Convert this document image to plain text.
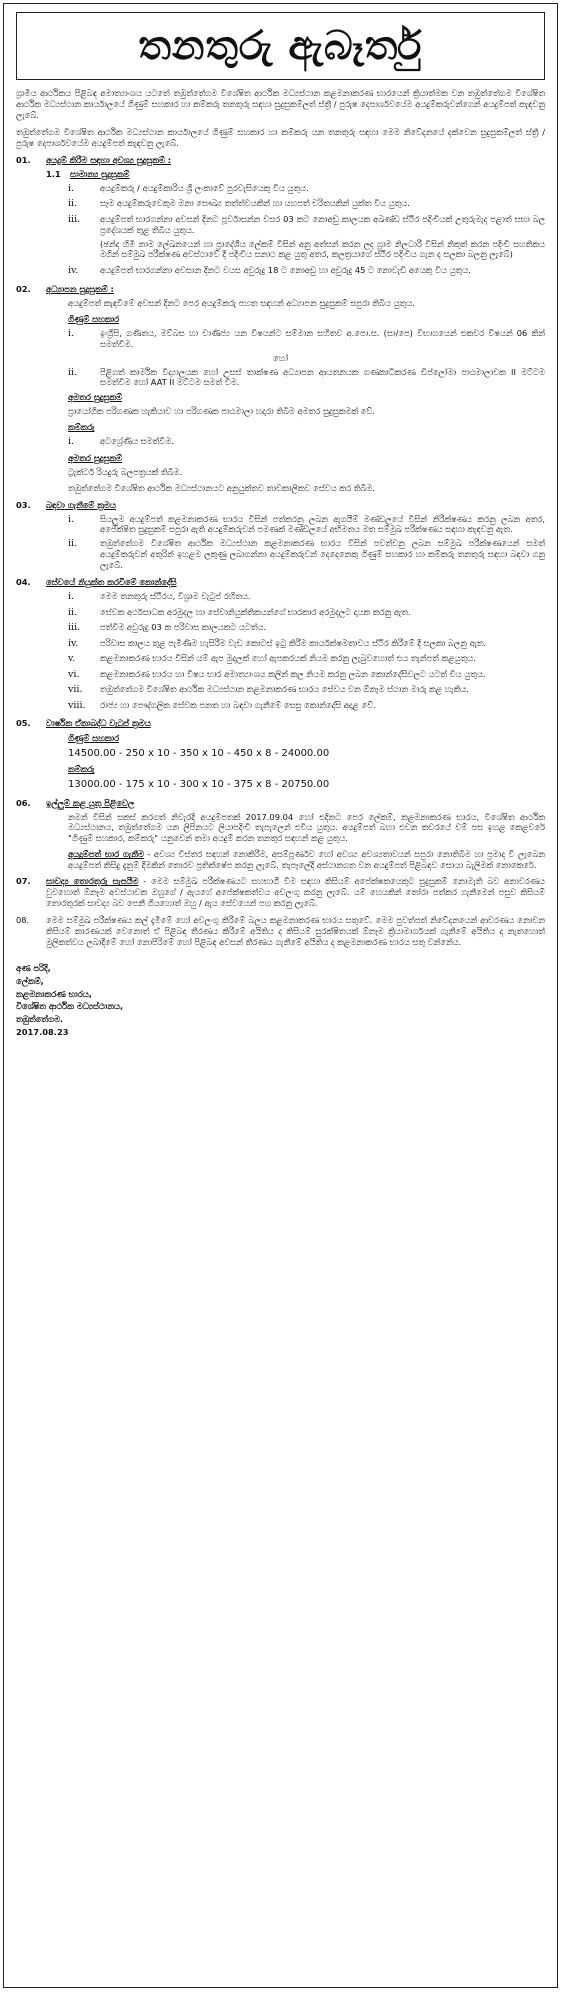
තනතුරු ඇබෑර්තු

ග්‍රාමීය ආර්ථිකය පිළිබඳ අමාත්‍යාංශය යටතේ තඹුත්තේගම විශේෂිත ආර්ථික මධ්‍යස්ථාන කළමනාකරණ භාරයෙන් ක්‍රියාත්මක වන තඹුත්තේගම විශේෂිත ආර්ථික මධ්‍යස්ථාන කාර්යාලයේ ගිණුම් සහකාර හා කම්කරු තනතුරු සඳහා සුදුසුකම්ලත් ස්ත්‍රී / පුරුෂ දෙපාර්ශවයේම අයදුම්කරුවන්ගෙන් අයදුම්පත් කැඳවනු ලැබේ.

තඹුත්තේගම විශේෂිත ආර්ථික මධ්‍යස්ථාන කාර්යාලයේ ගිණුම් සහකාර හා කම්කරු යන තනතුරු සඳහා මෙම නිවේදනයේ දක්වෙන සුදුසුකම්ලත් ස්ත්‍රී / පුරුෂ දෙපාර්ශවයේම අයදුම්පත් කැඳවනු ලැබේ.

01.	අයදුම් කිරීම සඳහා අවශ්‍ය සුදුසුකම් :
1.1	සාමාන්‍ය සුදුසුකම්
i.	අයදුම්කරු / අයදුම්කාරිය ශ්‍රී ලංකාවේ පුරවැසියෙකු විය යුතුය.
ii.	සෑම අයදුම්කරුවෙකුම මනා සෞඛ්‍ය තත්ත්වයකින් හා යහපත් චරිතයකින් යුක්ත විය යුතුය.
iii.	අයදුම්පත් භාරගන්නා අවසන් දිනට පූර්වාසන්න වසර 03 කට නොඅඩු කාලයක අඛණ්ඩ ස්ථිර පදිංචියක් උතුරුමැද පළාත් සභා බල ප්‍රදේශයක් තුළ තිබිය යුතුය.
(ඡන්ද හිමි නාම ලේඛනයෙන් හා ප්‍රාදේශීය ලේකම් විසින් අනු අත්සන් කරන ලද ග්‍රාම නිලධාරී විසින් නිකුත් කරන පදිංචි සහතිකය මගින් සම්මුඛ පරීක්ෂණ අවස්ථාවේ දී පදිංචිය සනාථ කළ යුතු අතර, කලත්‍රයාගේ ස්ථිර පදිංචිය ගැන ද සලකා බලනු ලැබේ)
iv.	අයදුම්පත් භාරගන්නා අවසාන දිනට වයස අවුරුදු 18 ට නොඅඩු හා අවුරුදු 45 ට නොවැඩි අයෙකු විය යුතුය.
02.	අධ්‍යාපන සුදුසුකම් :
අයදුම්පත් කැඳවීමේ අවසන් දිනට පෙර අයදුම්කරු පහත සඳහන් අධ්‍යාපන සුදුසුකම් සපුරා තිබිය යුතුය.
ගිණුම් සහකාර
i.	ඉංග්‍රීසි, ගණිතය, මව්බස හා වාණිජ්‍ය යන විෂයන්ට සම්මාන සහිතව අ.පො.ස. (සා/පෙ) විභාගයෙන් එකවර විෂයන් 06 කින් සමත්වීම.
හෝ
ii.	පිළිගත් කාර්මික විද්‍යාලයක හෝ උසස් තාක්ෂණ අධ්‍යාපන ආයතනයක ගණකාධිකරණ ඩිප්ලෝමා පාඨමාලාවක II මට්ටම සමත්වීම හෝ AAT II මට්ටම සමත් වීම.
අමතර සුදුසුකම්
ප්‍රායෝගික පරිගණක හැකියාව හා පරිගණක පාඨමාලා හදාරා තිබීම අමතර සුදුසුකමක් වේ.
කම්කරු
i.	අටශ්‍රේණිය සමත්වීම.
අමතර සුදුසුකම්
ට්‍රැක්ටර් රියදුරු බලපත්‍රයක් තිබීම.
තඹුත්තේගම විශේෂිත ආර්ථික මධ්‍යස්ථානයට අනුයුක්තව තාවකාලිකව සේවය කර තිබීම.
03.	බඳවා ගැනීමේ ක්‍රමය
i.	සියලුම අයදුම්පත් කළමනාකරණ භාරය විසින් පත්කරනු ලබන ඇගයීම් මණ්ඩලයේ විසින් නිරීක්ෂණය කරනු ලබන අතර, අපේක්ෂිත සුදුසුකම් සපුරා ඇති අයදුම්කරුවන් පමණක් මණ්ඩලයේ අභිමතය මත සම්මුඛ පරීක්ෂණය සඳහා කැඳවනු ඇත.
ii.	තඹුත්තේගම විශේෂිත ආර්ථික මධ්‍යස්ථාන කළමනාකරණ භාරය විසින් පවත්වනු ලබන සම්මුඛ පරීක්ෂණයෙන් සමත් අයදුම්කරුවන් අතුරින් ඉහළම ලකුණු ලබාගන්නා අයදුම්කරුවන් දෙදෙනෙකු ගිණුම් සහකාර හා කම්කරු තනතුරු සඳහා බඳවා ගනු ලැබේ.
04.	සේවයේ නියුක්ත කරවීමේ කොන්දේසි
i.	මෙම තනතුරු ස්ථිරය, විශ්‍රාම වැටුප් රහිතය.
ii.	සේවක අර්ථසාධක අරමුදල හා සේවානියුක්තිකයන්ගේ භාරකාර අරමුදලට දායක කරනු ඇත.
iii.	පත්වීම අවුරුදු 03 ක පරිවාස කාලයකට යටත්ය.
iv.	පරිවාස කාලය තුළ පැමිණීම හැසිරීම වැඩ කොටස් ඉටු කිරීම කාර්යක්ෂමතාවය ස්ථිර කිරීමේ දී සලකා බලනු ඇත.
v.	කළමනාකරණ භාරය විසින් යම් ඇප මුදලක් හෝ ඇපකරයක් නියම කරනු ලැබුවහොත් එය තැන්පත් කළයුතුය.
vi.	කළමනාකරණ භාරය හා විෂය භාර අමාත්‍යාංශය කලින් කල නියම කරනු ලබන කොන්දේසිවලට යටත් විය යුතුය.
vii.	තඹුත්තේගම විශේෂිත ආර්ථික මධ්‍යස්ථාන කළමනාකරණ භාරය සේවය වන ඕනෑම ස්ථාන මාරු කළ හැකිය.
viii.	රාජ්‍ය හා පෞද්ගලික සේවක පනත හා බඳවා ගැනීමේ සෙසු කොන්දේසි අදාළ වේ.
05.	වාර්ෂික ඒකාබද්ධ වැටුප් ක්‍රමය
ගිණුම් සහකාර
14500.00 - 250 x 10 - 350 x 10 - 450 x 8 - 24000.00
කම්කරු
13000.00 - 175 x 10 - 300 x 10 - 375 x 8 - 20750.00
06.	ඉල්ලුම් කළ යුතු පිළිවෙල
නමන් විසින් සකස් කරගත් නිවැරදි අයදුම්පතක් 2017.09.04 හෝ එදිනට පෙර ලේකම්, කළමනාකරණ භාරය, විශේෂිත ආර්ථික මධ්‍යස්ථානය, තඹුත්තේගම යන ලිපිනයට ලියාපදිංචි තැපැලෙන් එවිය යුතුය. අයදුම්පත් බහා එවන කවරයේ වම් පස ඉහළ කෙළවරේ "ගිණුම් සහකාර, කම්කරු" යනුවෙන් තමා අයදුම් කරන තනතුර සඳහන් කළ යුතුය.
අයදුම්පත් භාර ගැනීම - අවශ්‍ය විස්තර සඳහන් නොකිරීම, අසම්පූර්ණව හෝ අවශ්‍ය අවශ්‍යතාවයන් සපුරා නොතිබීම හා ප්‍රමාද වී ලැබෙන අයදුම්පත් කිසිදු දැනුම් දීමකින් තොරව ප්‍රතික්ෂේප කරනු ලැබේ. තැපෑලේදී අස්ථානගත වන අයදුම්පත් පිළිබඳව සොයා බැලීමක් නොකෙරේ.
07.	සාවද්‍ය තොරතුරු සැපයීම - මෙම සම්මුඛ පරීක්ෂණයට සහභාගී වීම සඳහා කිසියම් අපේක්ෂකයෙකුට සුදුසුකම් නොමැති බව අනාවරණය වුවහොත් ඕනෑම අවස්ථාවක ඔහුගේ / ඇයගේ අපේක්ෂකත්වය අවලංගු කරනු ලැබේ. යම් හෙයකින් තෝරා පත්කර ගැනීමෙන් පසුව කිසියම් තොරතුරක් සාවද්‍ය බව පෙනී ගියහොත් ඔහු / ඇය සේවයෙන් පහ කරනු ලැබේ.
08.	මෙම සම්මුඛ පරීක්ෂණය කල් දැමීමේ හෝ අවලංගු කිරීමේ බලය කළමනාකරණ භාරය සතුවේ. මෙම පුවත්පත් නිවේදනයෙන් ආවරණය නොවන කිසියම් කාරණයක් වෙනොත් ඒ පිළිබඳ තීරණය කිරීමේ අයිතිය ද කිසියම් සුරක්ෂිතයක් ඕනෑම ක්‍රියාමාර්ගයක් ගැනීමේ අයිතිය ද නැතහොත් මුලිකත්වය ලබාදීමේ හෝ නොපිරිමේ හෝ පිළිබඳ අවසන් තීරණය ගැනීමේ අයිතිය ද කළමනාකරණ භාරය සතු වන්නේය.
අණ පරිදි,
ලේකම්,
කළමනාකරණ භාරය,
විශේෂිත ආර්ථික මධ්‍යස්ථානය,
තඹුත්තේගම.
2017.08.23
